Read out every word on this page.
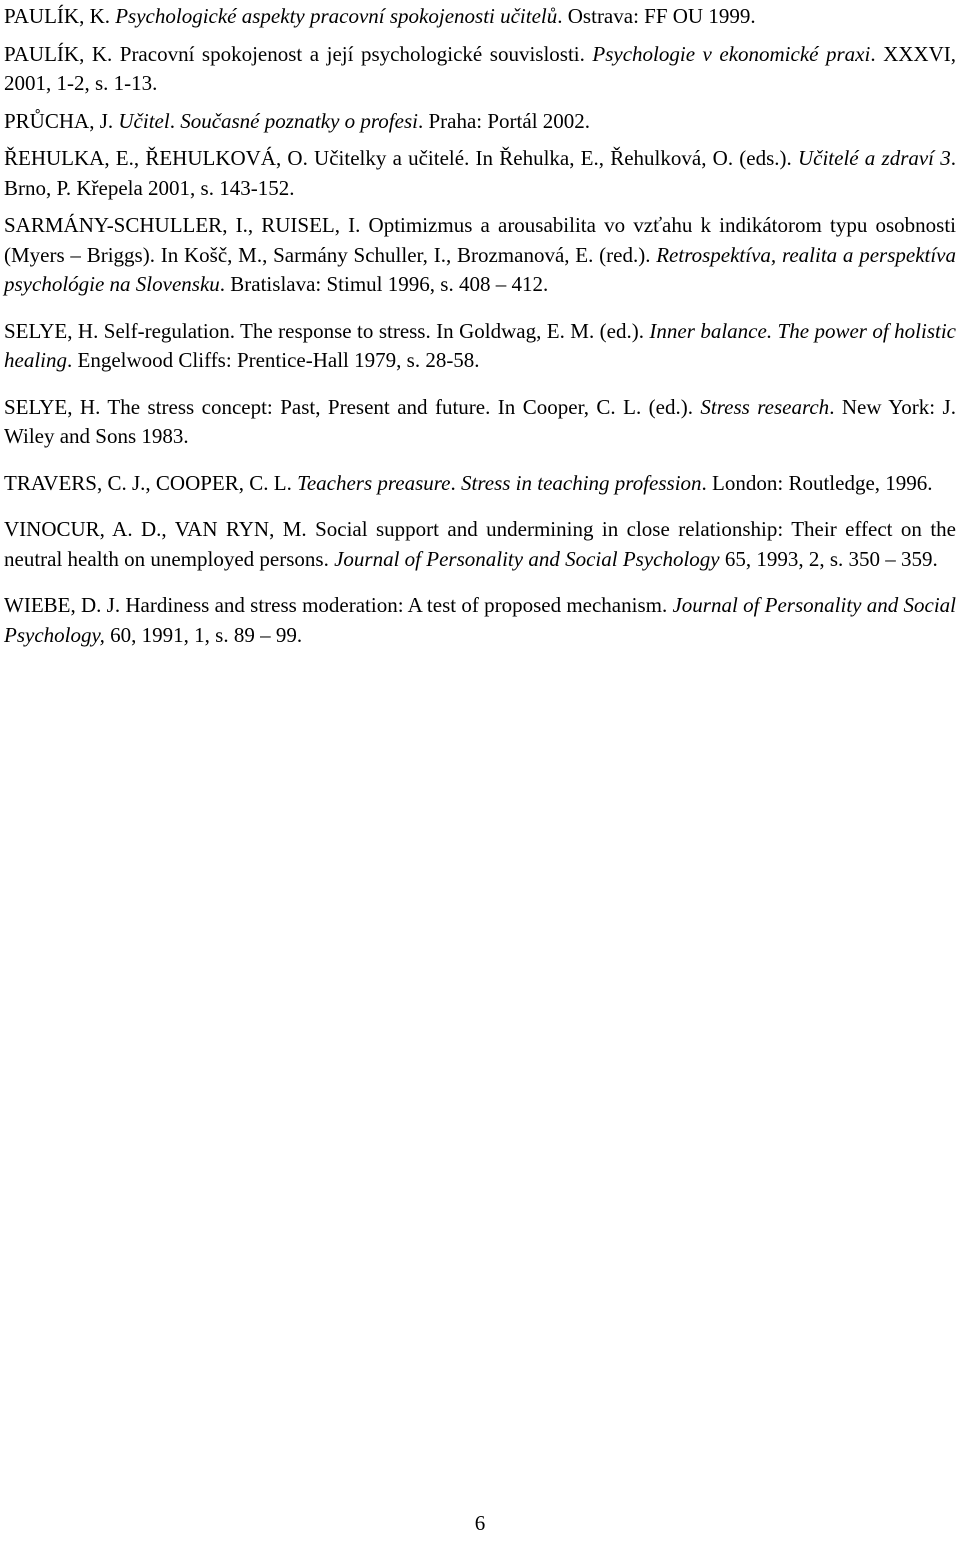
PAULÍK, K. Psychologické aspekty pracovní spokojenosti učitelů. Ostrava: FF OU 1999.

PAULÍK, K. Pracovní spokojenost a její psychologické souvislosti. Psychologie v ekonomické praxi. XXXVI, 2001, 1-2, s. 1-13.

PRŮCHA, J. Učitel. Současné poznatky o profesi. Praha: Portál 2002.

ŘEHULKA, E., ŘEHULKOVÁ, O. Učitelky a učitelé. In Řehulka, E., Řehulková, O. (eds.). Učitelé a zdraví 3. Brno, P. Křepela 2001, s. 143-152.

SARMÁNY-SCHULLER, I., RUISEL, I. Optimizmus a arousabilita vo vzťahu k indikátorom typu osobnosti (Myers – Briggs). In Košč, M., Sarmány Schuller, I., Brozmanová, E. (red.). Retrospektíva, realita a perspektíva psychológie na Slovensku. Bratislava: Stimul 1996, s. 408 – 412.

SELYE, H. Self-regulation. The response to stress. In Goldwag, E. M. (ed.). Inner balance. The power of holistic healing. Engelwood Cliffs: Prentice-Hall 1979, s. 28-58.

SELYE, H. The stress concept: Past, Present and future. In Cooper, C. L. (ed.). Stress research. New York: J. Wiley and Sons 1983.

TRAVERS, C. J., COOPER, C. L. Teachers preasure. Stress in teaching profession. London: Routledge, 1996.

VINOCUR, A. D., VAN RYN, M. Social support and undermining in close relationship: Their effect on the neutral health on unemployed persons. Journal of Personality and Social Psychology 65, 1993, 2, s. 350 – 359.

WIEBE, D. J. Hardiness and stress moderation: A test of proposed mechanism. Journal of Personality and Social Psychology, 60, 1991, 1, s. 89 – 99.

6
